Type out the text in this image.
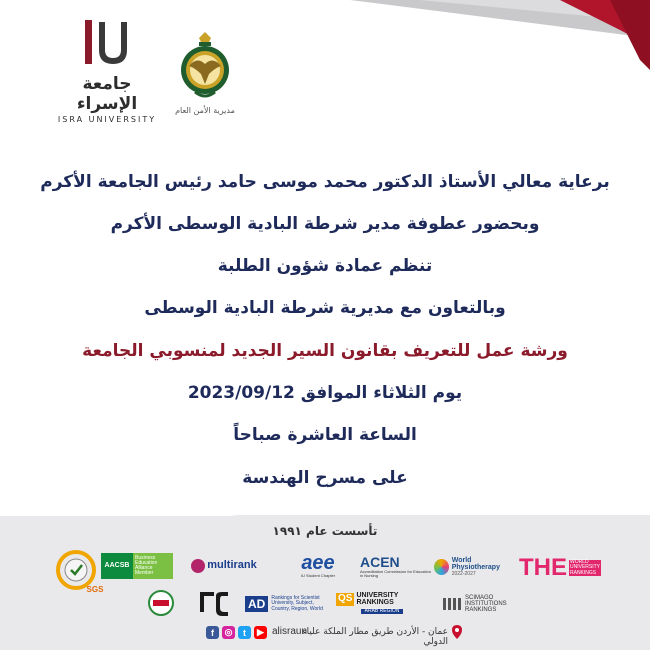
جامعة الإسراء
ISRA UNIVERSITY
مديرية الأمن العام
برعاية معالي الأستاذ الدكتور محمد موسى حامد رئيس الجامعة الأكرم
وبحضور عطوفة مدير شرطة البادية الوسطى الأكرم
تنظم عمادة شؤون الطلبة
وبالتعاون مع مديرية شرطة البادية الوسطى
ورشة عمل للتعريف بقانون السير الجديد لمنسوبي الجامعة
يوم الثلاثاء الموافق 2023/09/12
الساعة العاشرة صباحاً
على مسرح الهندسة
تأسست عام ١٩٩١
SGS
AACSB
Business Education Alliance
Member
multirank aee
IU Student Chapter
ACEN
Accreditation Commission for Education in Nursing
World Physiotherapy
2022-2027	THE WORLD
UNIVERSITY
RANKINGS
AD	Rankings for Scientist University, Subject, Country, Region, World
QS UNIVERSITY RANKINGS
ARAB REGION
SCIMAGO INSTITUTIONS RANKINGS
f	◎	t	▶ alisraun
عمان - الأردن طريق مطار الملكة علياء الدولي
